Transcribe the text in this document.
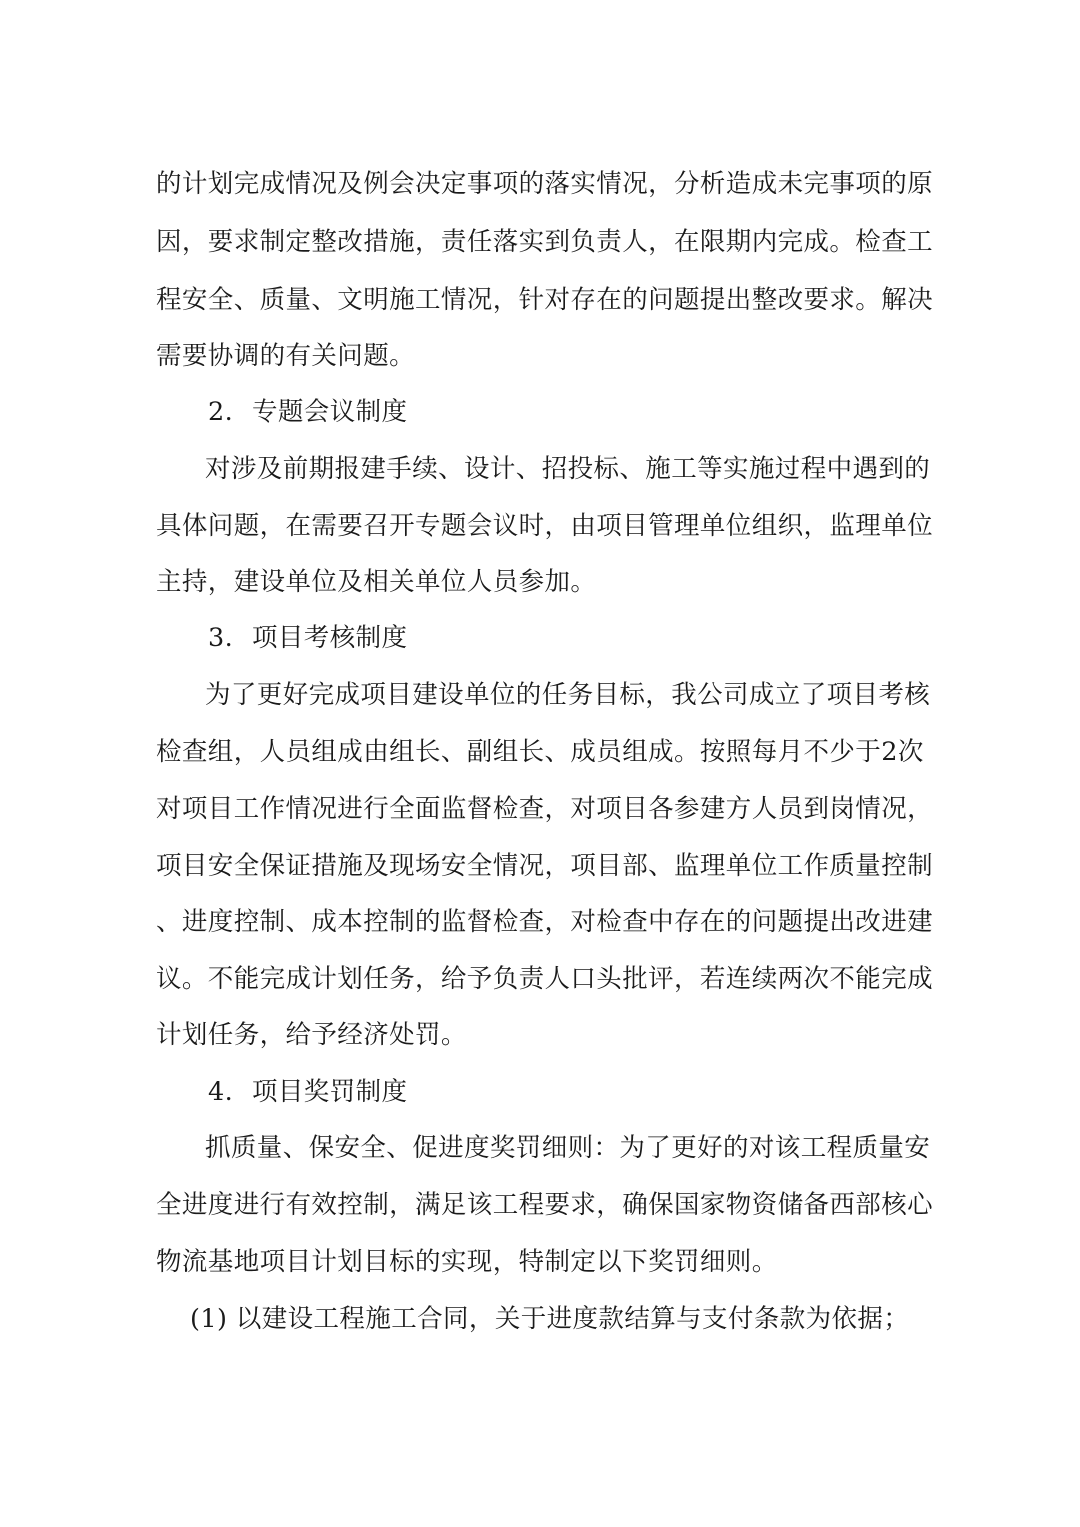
的计划完成情况及例会决定事项的落实情况，分析造成未完事项的原
因，要求制定整改措施，责任落实到负责人，在限期内完成。检查工
程安全、质量、文明施工情况，针对存在的问题提出整改要求。解决
需要协调的有关问题。
2. 专题会议制度
对涉及前期报建手续、设计、招投标、施工等实施过程中遇到的
具体问题，在需要召开专题会议时，由项目管理单位组织，监理单位
主持，建设单位及相关单位人员参加。
3. 项目考核制度
为了更好完成项目建设单位的任务目标，我公司成立了项目考核
检查组，人员组成由组长、副组长、成员组成。按照每月不少于2次
对项目工作情况进行全面监督检查，对项目各参建方人员到岗情况，
项目安全保证措施及现场安全情况，项目部、监理单位工作质量控制
、进度控制、成本控制的监督检查，对检查中存在的问题提出改进建
议。不能完成计划任务，给予负责人口头批评，若连续两次不能完成
计划任务，给予经济处罚。
4. 项目奖罚制度
抓质量、保安全、促进度奖罚细则：为了更好的对该工程质量安
全进度进行有效控制，满足该工程要求，确保国家物资储备西部核心
物流基地项目计划目标的实现，特制定以下奖罚细则。
(1) 以建设工程施工合同，关于进度款结算与支付条款为依据；
